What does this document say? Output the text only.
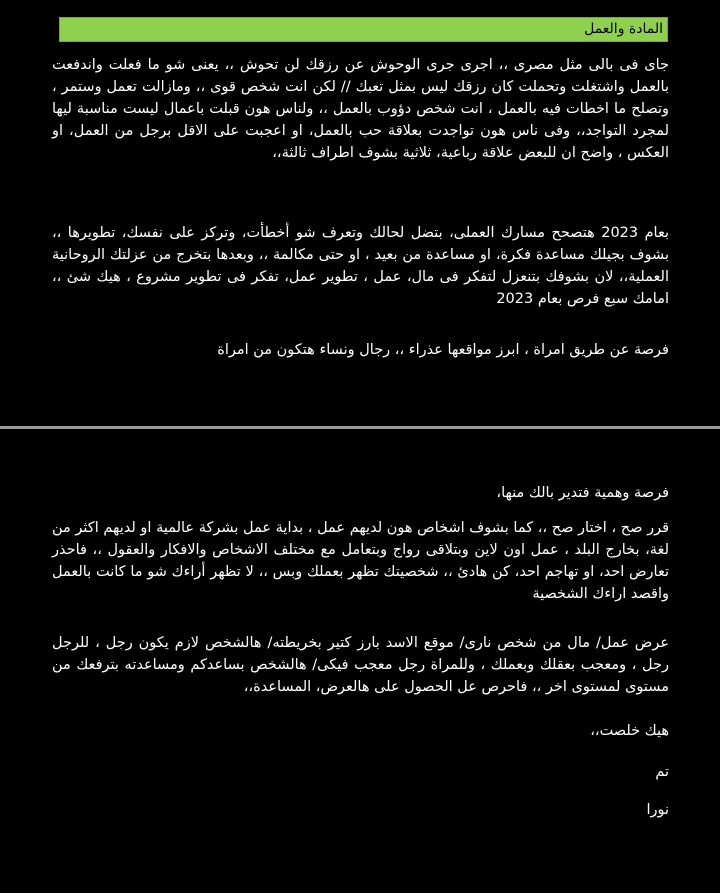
المادة والعمل

جاى فى بالى مثل مصرى ،، اجرى جرى الوحوش عن رزقك لن تحوش ،، يعنى شو ما فعلت واندفعت بالعمل واشتغلت وتحملت كان رزقك ليس بمثل تعبك // لكن انت شخص قوى ،، ومازالت تعمل وستمر ، وتصلح ما اخطات فيه بالعمل ، انت شخص دؤوب بالعمل ،، ولناس هون قبلت باعمال ليست مناسبة ليها لمجرد التواجد،، وفى ناس هون تواجدت بعلاقة حب بالعمل، او اعجبت على الاقل برجل من العمل، او العكس ، واضح ان للبعض علاقة رباعية، ثلاثية بشوف اطراف ثالثة،،

بعام 2023 هتصحح مسارك العملى، بتضل لحالك وتعرف شو أخطأت، وتركز على نفسك، تطويرها ،، بشوف بجيلك مساعدة فكرة، او مساعدة من بعيد ، او حتى مكالمة ،، وبعدها بتخرج من عزلتك الروحانية العملية،، لان بشوفك بتنعزل لتفكر فى مال، عمل ، تطوير عمل، تفكر فى تطوير مشروع ، هيك شئ ،، امامك سبع فرص بعام 2023

فرصة عن طريق امراة ، ابرز مواقعها عذراء ،، رجال ونساء هتكون من امراة

فرصة وهمية فتدير بالك منها،

قرر صح ، اختار صح ،، كما بشوف اشخاص هون لديهم عمل ، بداية عمل بشركة عالمية او لديهم اكثر من لغة، بخارج البلد ، عمل اون لاين وبتلاقى رواج وبتعامل مع مختلف الاشخاص والافكار والعقول ،، فاحذر تعارض احد، او تهاجم احد، كن هادئ ،، شخصيتك تظهر بعملك وبس ،، لا تظهر أراءك شو ما كانت بالعمل واقصد اراءك الشخصية

عرض عمل/ مال من شخص نارى/ موقع الاسد بارز كتير بخريطته/ هالشخص لازم يكون رجل ، للرجل رجل ، ومعجب بعقلك وبعملك ، وللمراة رجل معجب فيكى/ هالشخص بساعدكم ومساعدته بترفعك من مستوى لمستوى اخر ،، فاحرص عل الحصول على هالعرض، المساعدة،،

هيك خلصت،،

تم

نورا
